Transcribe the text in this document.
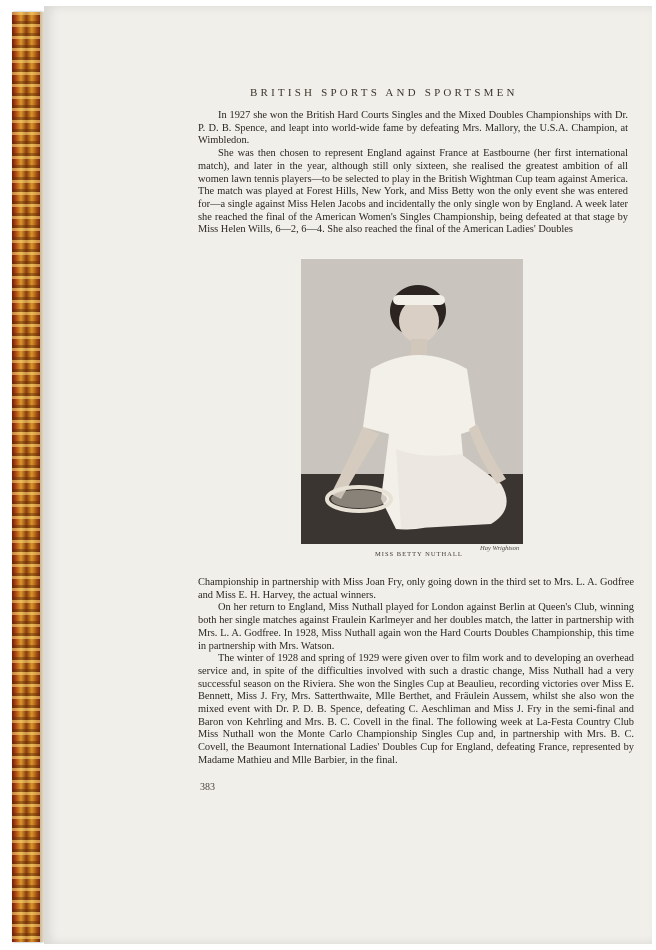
BRITISH SPORTS AND SPORTSMEN

In 1927 she won the British Hard Courts Singles and the Mixed Doubles Championships with Dr. P. D. B. Spence, and leapt into world-wide fame by defeating Mrs. Mallory, the U.S.A. Champion, at Wimbledon.

She was then chosen to represent England against France at Eastbourne (her first international match), and later in the year, although still only sixteen, she realised the greatest ambition of all women lawn tennis players—to be selected to play in the British Wightman Cup team against America. The match was played at Forest Hills, New York, and Miss Betty won the only event she was entered for—a single against Miss Helen Jacobs and incidentally the only single won by England. A week later she reached the final of the American Women's Singles Championship, being defeated at that stage by Miss Helen Wills, 6—2, 6—4. She also reached the final of the American Ladies' Doubles

Hay Wrightson
MISS BETTY NUTHALL

Championship in partnership with Miss Joan Fry, only going down in the third set to Mrs. L. A. Godfree and Miss E. H. Harvey, the actual winners.

On her return to England, Miss Nuthall played for London against Berlin at Queen's Club, winning both her single matches against Fraulein Karlmeyer and her doubles match, the latter in partnership with Mrs. L. A. Godfree. In 1928, Miss Nuthall again won the Hard Courts Doubles Championship, this time in partnership with Mrs. Watson.

The winter of 1928 and spring of 1929 were given over to film work and to developing an overhead service and, in spite of the difficulties involved with such a drastic change, Miss Nuthall had a very successful season on the Riviera. She won the Singles Cup at Beaulieu, recording victories over Miss E. Bennett, Miss J. Fry, Mrs. Satterthwaite, Mlle Berthet, and Fräulein Aussem, whilst she also won the mixed event with Dr. P. D. B. Spence, defeating C. Aeschliman and Miss J. Fry in the semi-final and Baron von Kehrling and Mrs. B. C. Covell in the final. The following week at La-Festa Country Club Miss Nuthall won the Monte Carlo Championship Singles Cup and, in partnership with Mrs. B. C. Covell, the Beaumont International Ladies' Doubles Cup for England, defeating France, represented by Madame Mathieu and Mlle Barbier, in the final.

383
